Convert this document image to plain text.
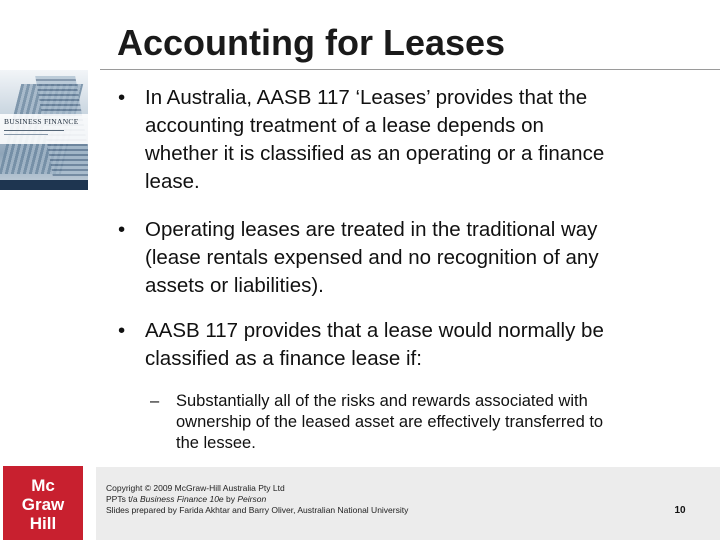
BUSINESS FINANCE
Mc
Graw
Hill
Accounting for Leases
• In Australia, AASB 117 ‘Leases’ provides that the
accounting treatment of a lease depends on
whether it is classified as an operating or a finance
lease.
• Operating leases are treated in the traditional way
(lease rentals expensed and no recognition of any
assets or liabilities).
• AASB 117 provides that a lease would normally be
classified as a finance lease if:
–	Substantially all of the risks and rewards associated with
ownership of the leased asset are effectively transferred to
the lessee.
Copyright © 2009 McGraw-Hill Australia Pty Ltd
PPTs t/a Business Finance 10e by Peirson
Slides prepared by Farida Akhtar and Barry Oliver, Australian National University	10
